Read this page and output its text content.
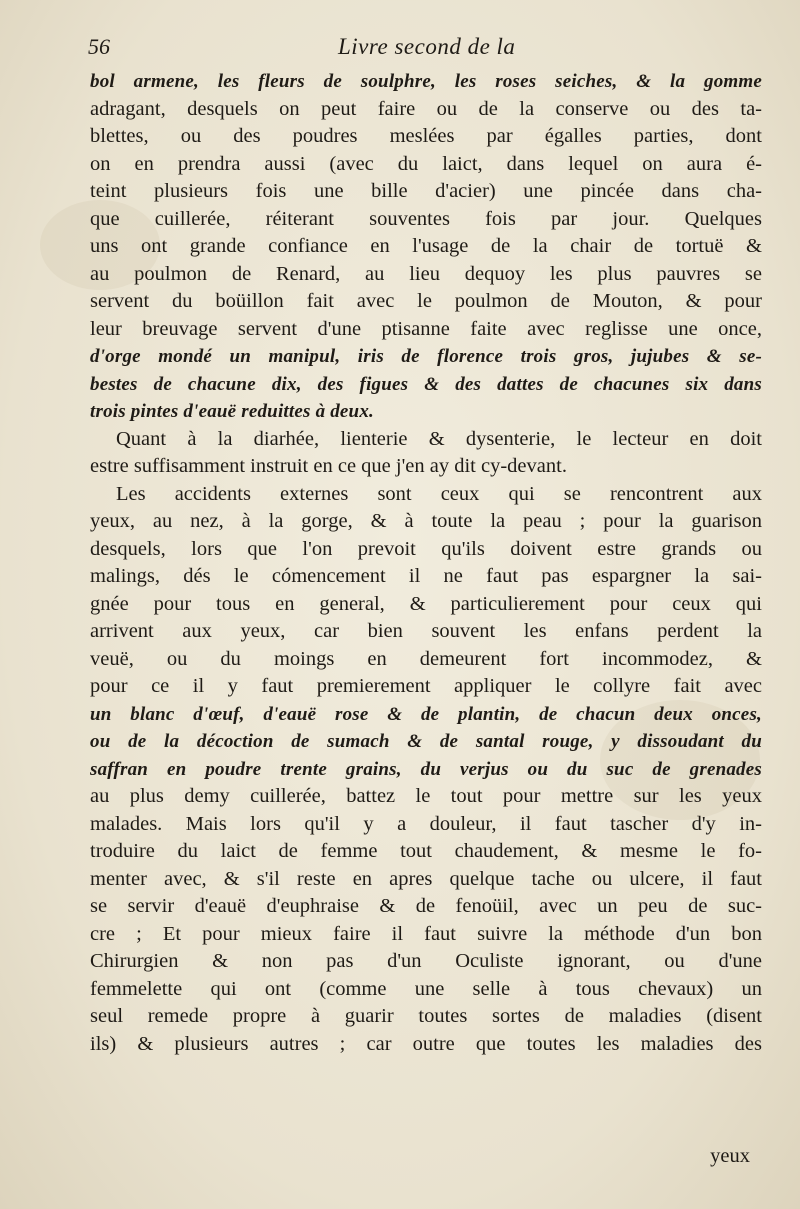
56	Livre second de la
bol armene, les fleurs de soulphre, les roses seiches, & la gomme
adragant, desquels on peut faire ou de la conserve ou des ta-
blettes, ou des poudres meslées par égalles parties, dont
on en prendra aussi (avec du laict, dans lequel on aura é-
teint plusieurs fois une bille d'acier) une pincée dans cha-
que cuillerée, réiterant souventes fois par jour. Quelques
uns ont grande confiance en l'usage de la chair de tortuë &
au poulmon de Renard, au lieu dequoy les plus pauvres se
servent du boüillon fait avec le poulmon de Mouton, & pour
leur breuvage servent d'une ptisanne faite avec reglisse une once,
d'orge mondé un manipul, iris de florence trois gros, jujubes & se-
bestes de chacune dix, des figues & des dattes de chacunes six dans
trois pintes d'eauë reduittes à deux.
Quant à la diarhée, lienterie & dysenterie, le lecteur en doit
estre suffisamment instruit en ce que j'en ay dit cy-devant.
Les accidents externes sont ceux qui se rencontrent aux
yeux, au nez, à la gorge, & à toute la peau ; pour la guarison
desquels, lors que l'on prevoit qu'ils doivent estre grands ou
malings, dés le cómencement il ne faut pas espargner la sai-
gnée pour tous en general, & particulierement pour ceux qui
arrivent aux yeux, car bien souvent les enfans perdent la
veuë, ou du moings en demeurent fort incommodez, &
pour ce il y faut premierement appliquer le collyre fait avec
un blanc d'œuf, d'eauë rose & de plantin, de chacun deux onces,
ou de la décoction de sumach & de santal rouge, y dissoudant du
saffran en poudre trente grains, du verjus ou du suc de grenades
au plus demy cuillerée, battez le tout pour mettre sur les yeux
malades. Mais lors qu'il y a douleur, il faut tascher d'y in-
troduire du laict de femme tout chaudement, & mesme le fo-
menter avec, & s'il reste en apres quelque tache ou ulcere, il faut
se servir d'eauë d'euphraise & de fenoüil, avec un peu de suc-
cre ; Et pour mieux faire il faut suivre la méthode d'un bon
Chirurgien & non pas d'un Oculiste ignorant, ou d'une
femmelette qui ont (comme une selle à tous chevaux) un
seul remede propre à guarir toutes sortes de maladies (disent
ils) & plusieurs autres ; car outre que toutes les maladies des
yeux
